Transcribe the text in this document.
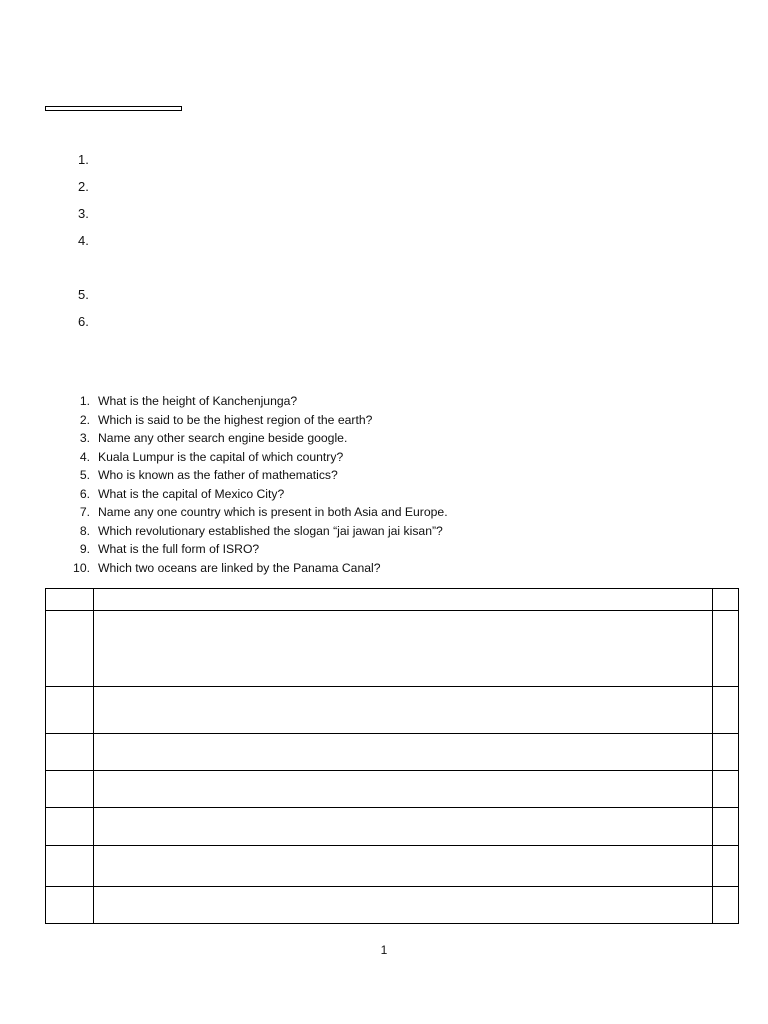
1.
2.
3.
4.
5.
6.
1. What is the height of Kanchenjunga?
2. Which is said to be the highest region of the earth?
3. Name any other search engine beside google.
4. Kuala Lumpur is the capital of which country?
5. Who is known as the father of mathematics?
6. What is the capital of Mexico City?
7. Name any one country which is present in both Asia and Europe.
8. Which revolutionary established the slogan “jai jawan jai kisan”?
9. What is the full form of ISRO?
10. Which two oceans are linked by the Panama Canal?

1
